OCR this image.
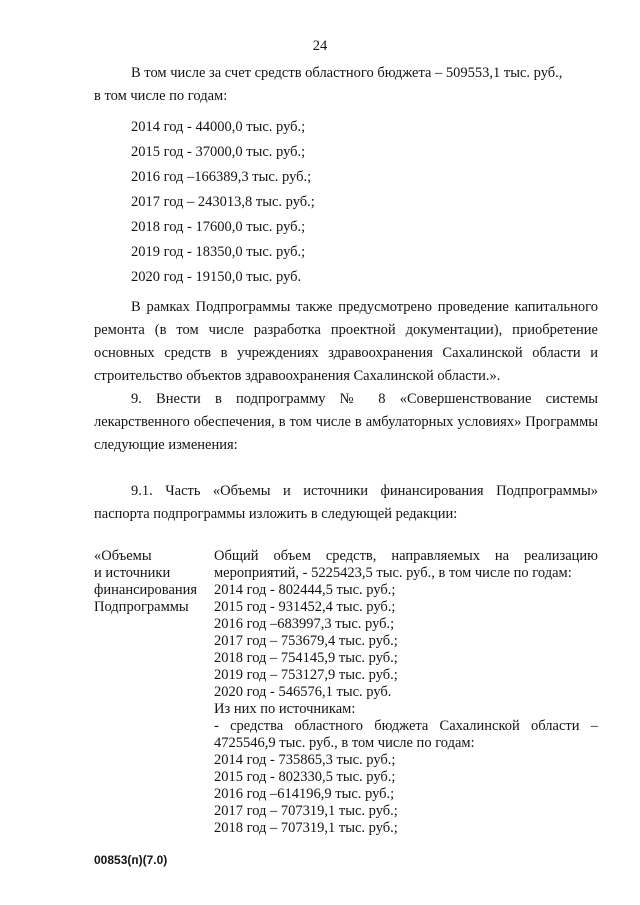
24
В том числе за счет средств областного бюджета – 509553,1 тыс. руб.,
в том числе по годам:
2014 год - 44000,0 тыс. руб.;
2015 год - 37000,0 тыс. руб.;
2016 год –166389,3 тыс. руб.;
2017 год – 243013,8 тыс. руб.;
2018 год - 17600,0 тыс. руб.;
2019 год - 18350,0 тыс. руб.;
2020 год - 19150,0 тыс. руб.
В рамках Подпрограммы также предусмотрено проведение капитального ремонта (в том числе разработка проектной документации), приобретение основных средств в учреждениях здравоохранения Сахалинской области и строительство объектов здравоохранения Сахалинской области.».
9. Внести в подпрограмму № 8 «Совершенствование системы лекарственного обеспечения, в том числе в амбулаторных условиях» Программы следующие изменения:
9.1. Часть «Объемы и источники финансирования Подпрограммы» паспорта подпрограммы изложить в следующей редакции:
«Объемы
и источники
финансирования
Подпрограммы
Общий объем средств, направляемых на реализацию мероприятий, - 5225423,5 тыс. руб., в том числе по годам:
2014 год - 802444,5 тыс. руб.;
2015 год - 931452,4 тыс. руб.;
2016 год –683997,3 тыс. руб.;
2017 год – 753679,4 тыс. руб.;
2018 год – 754145,9 тыс. руб.;
2019 год – 753127,9 тыс. руб.;
2020 год - 546576,1 тыс. руб.
Из них по источникам:
- средства областного бюджета Сахалинской области – 4725546,9 тыс. руб., в том числе по годам:
2014 год - 735865,3 тыс. руб.;
2015 год - 802330,5 тыс. руб.;
2016 год –614196,9 тыс. руб.;
2017 год – 707319,1 тыс. руб.;
2018 год – 707319,1 тыс. руб.;
00853(п)(7.0)
